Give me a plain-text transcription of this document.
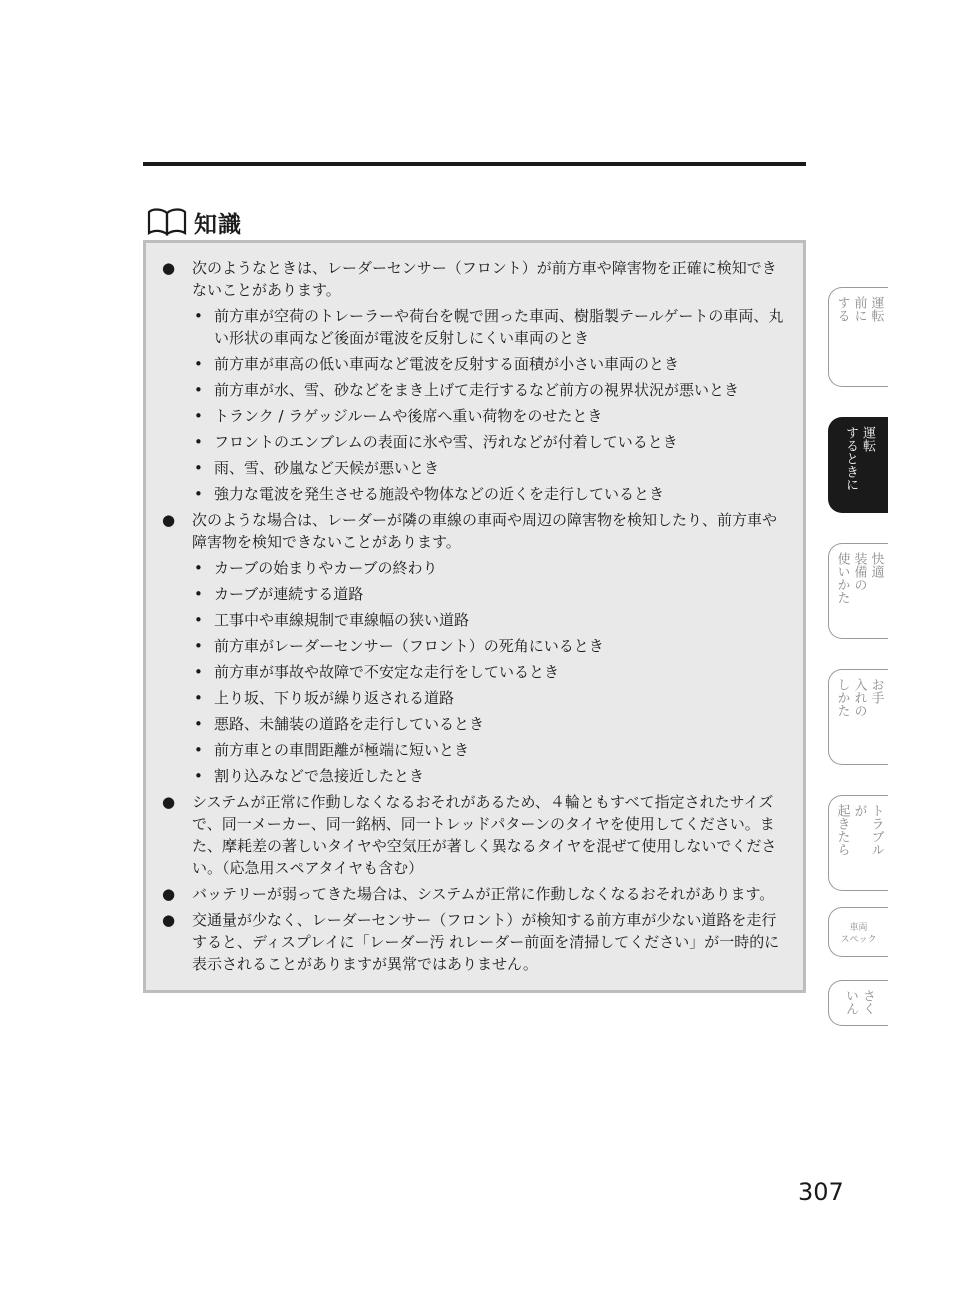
知識
● 次のようなときは、レーダーセンサー（フロント）が前方車や障害物を正確に検知できないことがあります。
• 前方車が空荷のトレーラーや荷台を幌で囲った車両、樹脂製テールゲートの車両、丸い形状の車両など後面が電波を反射しにくい車両のとき
• 前方車が車高の低い車両など電波を反射する面積が小さい車両のとき
• 前方車が水、雪、砂などをまき上げて走行するなど前方の視界状況が悪いとき
• トランク / ラゲッジルームや後席へ重い荷物をのせたとき
• フロントのエンブレムの表面に氷や雪、汚れなどが付着しているとき
• 雨、雪、砂嵐など天候が悪いとき
• 強力な電波を発生させる施設や物体などの近くを走行しているとき
● 次のような場合は、レーダーが隣の車線の車両や周辺の障害物を検知したり、前方車や障害物を検知できないことがあります。
• カーブの始まりやカーブの終わり
• カーブが連続する道路
• 工事中や車線規制で車線幅の狭い道路
• 前方車がレーダーセンサー（フロント）の死角にいるとき
• 前方車が事故や故障で不安定な走行をしているとき
• 上り坂、下り坂が繰り返される道路
• 悪路、未舗装の道路を走行しているとき
• 前方車との車間距離が極端に短いとき
• 割り込みなどで急接近したとき
● システムが正常に作動しなくなるおそれがあるため、４輪ともすべて指定されたサイズで、同一メーカー、同一銘柄、同一トレッドパターンのタイヤを使用してください。また、摩耗差の著しいタイヤや空気圧が著しく異なるタイヤを混ぜて使用しないでください。（応急用スペアタイヤも含む）
● バッテリーが弱ってきた場合は、システムが正常に作動しなくなるおそれがあります。
● 交通量が少なく、レーダーセンサー（フロント）が検知する前方車が少ない道路を走行すると、ディスプレイに「レーダー汚 れレーダー前面を清掃してください」が一時的に表示されることがありますが異常ではありません。
運転
前に
する
運転
するときに
快適
装備の
使いかた
お手
入れの
しかた
トラブル
が
起きたら
車両
スペック
さく
いん
307
